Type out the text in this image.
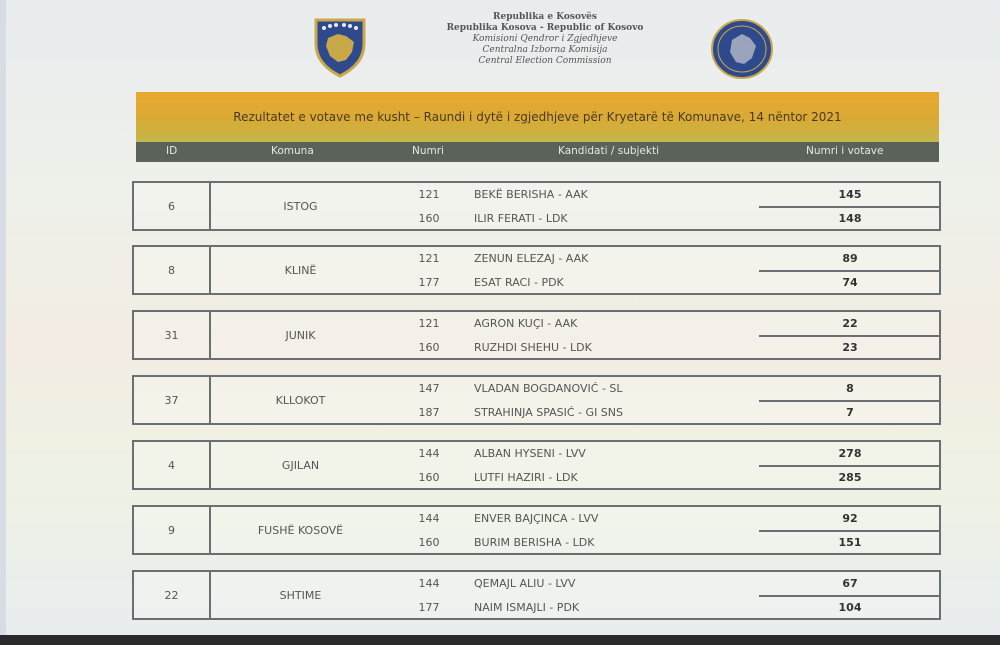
Republika e Kosovës
Republika Kosova - Republic of Kosovo
Komisioni Qendror i Zgjedhjeve
Centralna Izborna Komisija
Central Election Commission
Rezultatet e votave me kusht – Raundi i dytë i zgjedhjeve për Kryetarë të Komunave, 14 nëntor 2021
ID	Komuna	Numri	Kandidati / subjekti	Numri i votave
6	ISTOG
121	BEKË BERISHA - AAK	145
160	ILIR FERATI - LDK	148
8	KLINË
121	ZENUN ELEZAJ - AAK	89
177	ESAT RACI - PDK	74
31	JUNIK
121	AGRON KUÇI - AAK	22
160	RUZHDI SHEHU - LDK	23
37	KLLOKOT
147	VLADAN BOGDANOVIĆ - SL	8
187	STRAHINJA SPASIĆ - GI SNS	7
4	GJILAN
144	ALBAN HYSENI - LVV	278
160	LUTFI HAZIRI - LDK	285
9	FUSHË KOSOVË
144	ENVER BAJÇINCA - LVV	92
160	BURIM BERISHA - LDK	151
22	SHTIME
144	QEMAJL ALIU - LVV	67
177	NAIM ISMAJLI - PDK	104
